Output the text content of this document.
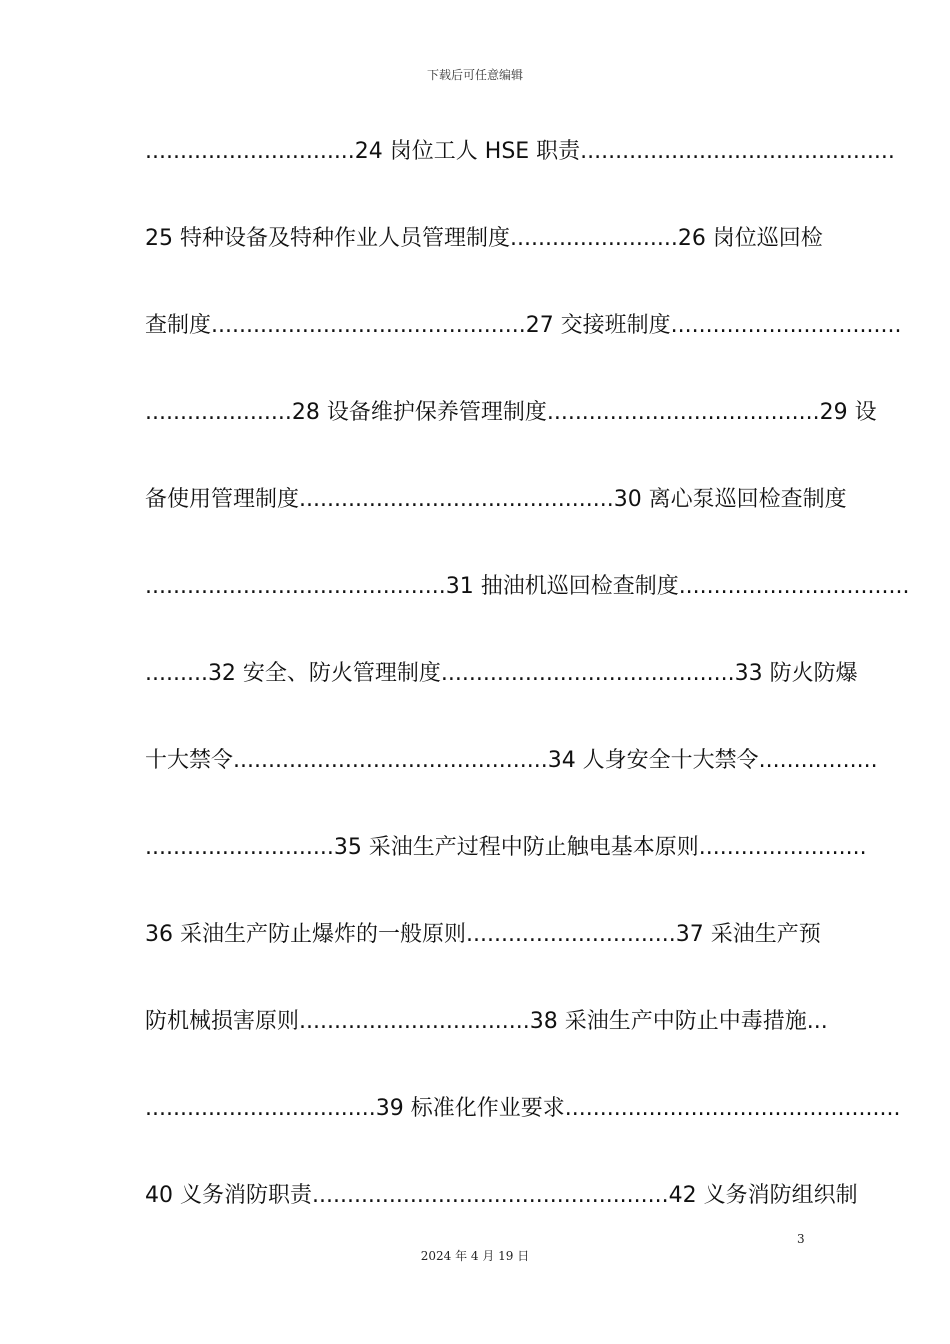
下载后可任意编辑
..............................24 岗位工人 HSE 职责.............................................
25 特种设备及特种作业人员管理制度........................26 岗位巡回检
查制度.............................................27 交接班制度.................................
.....................28 设备维护保养管理制度.......................................29 设
备使用管理制度.............................................30 离心泵巡回检查制度
...........................................31 抽油机巡回检查制度.................................
.........32 安全、防火管理制度..........................................33 防火防爆
十大禁令.............................................34 人身安全十大禁令.................
...........................35 采油生产过程中防止触电基本原则........................
36 采油生产防止爆炸的一般原则..............................37 采油生产预
防机械损害原则.................................38 采油生产中防止中毒措施...
.................................39 标准化作业要求................................................
40 义务消防职责...................................................42 义务消防组织制
3
2024 年 4 月 19 日
